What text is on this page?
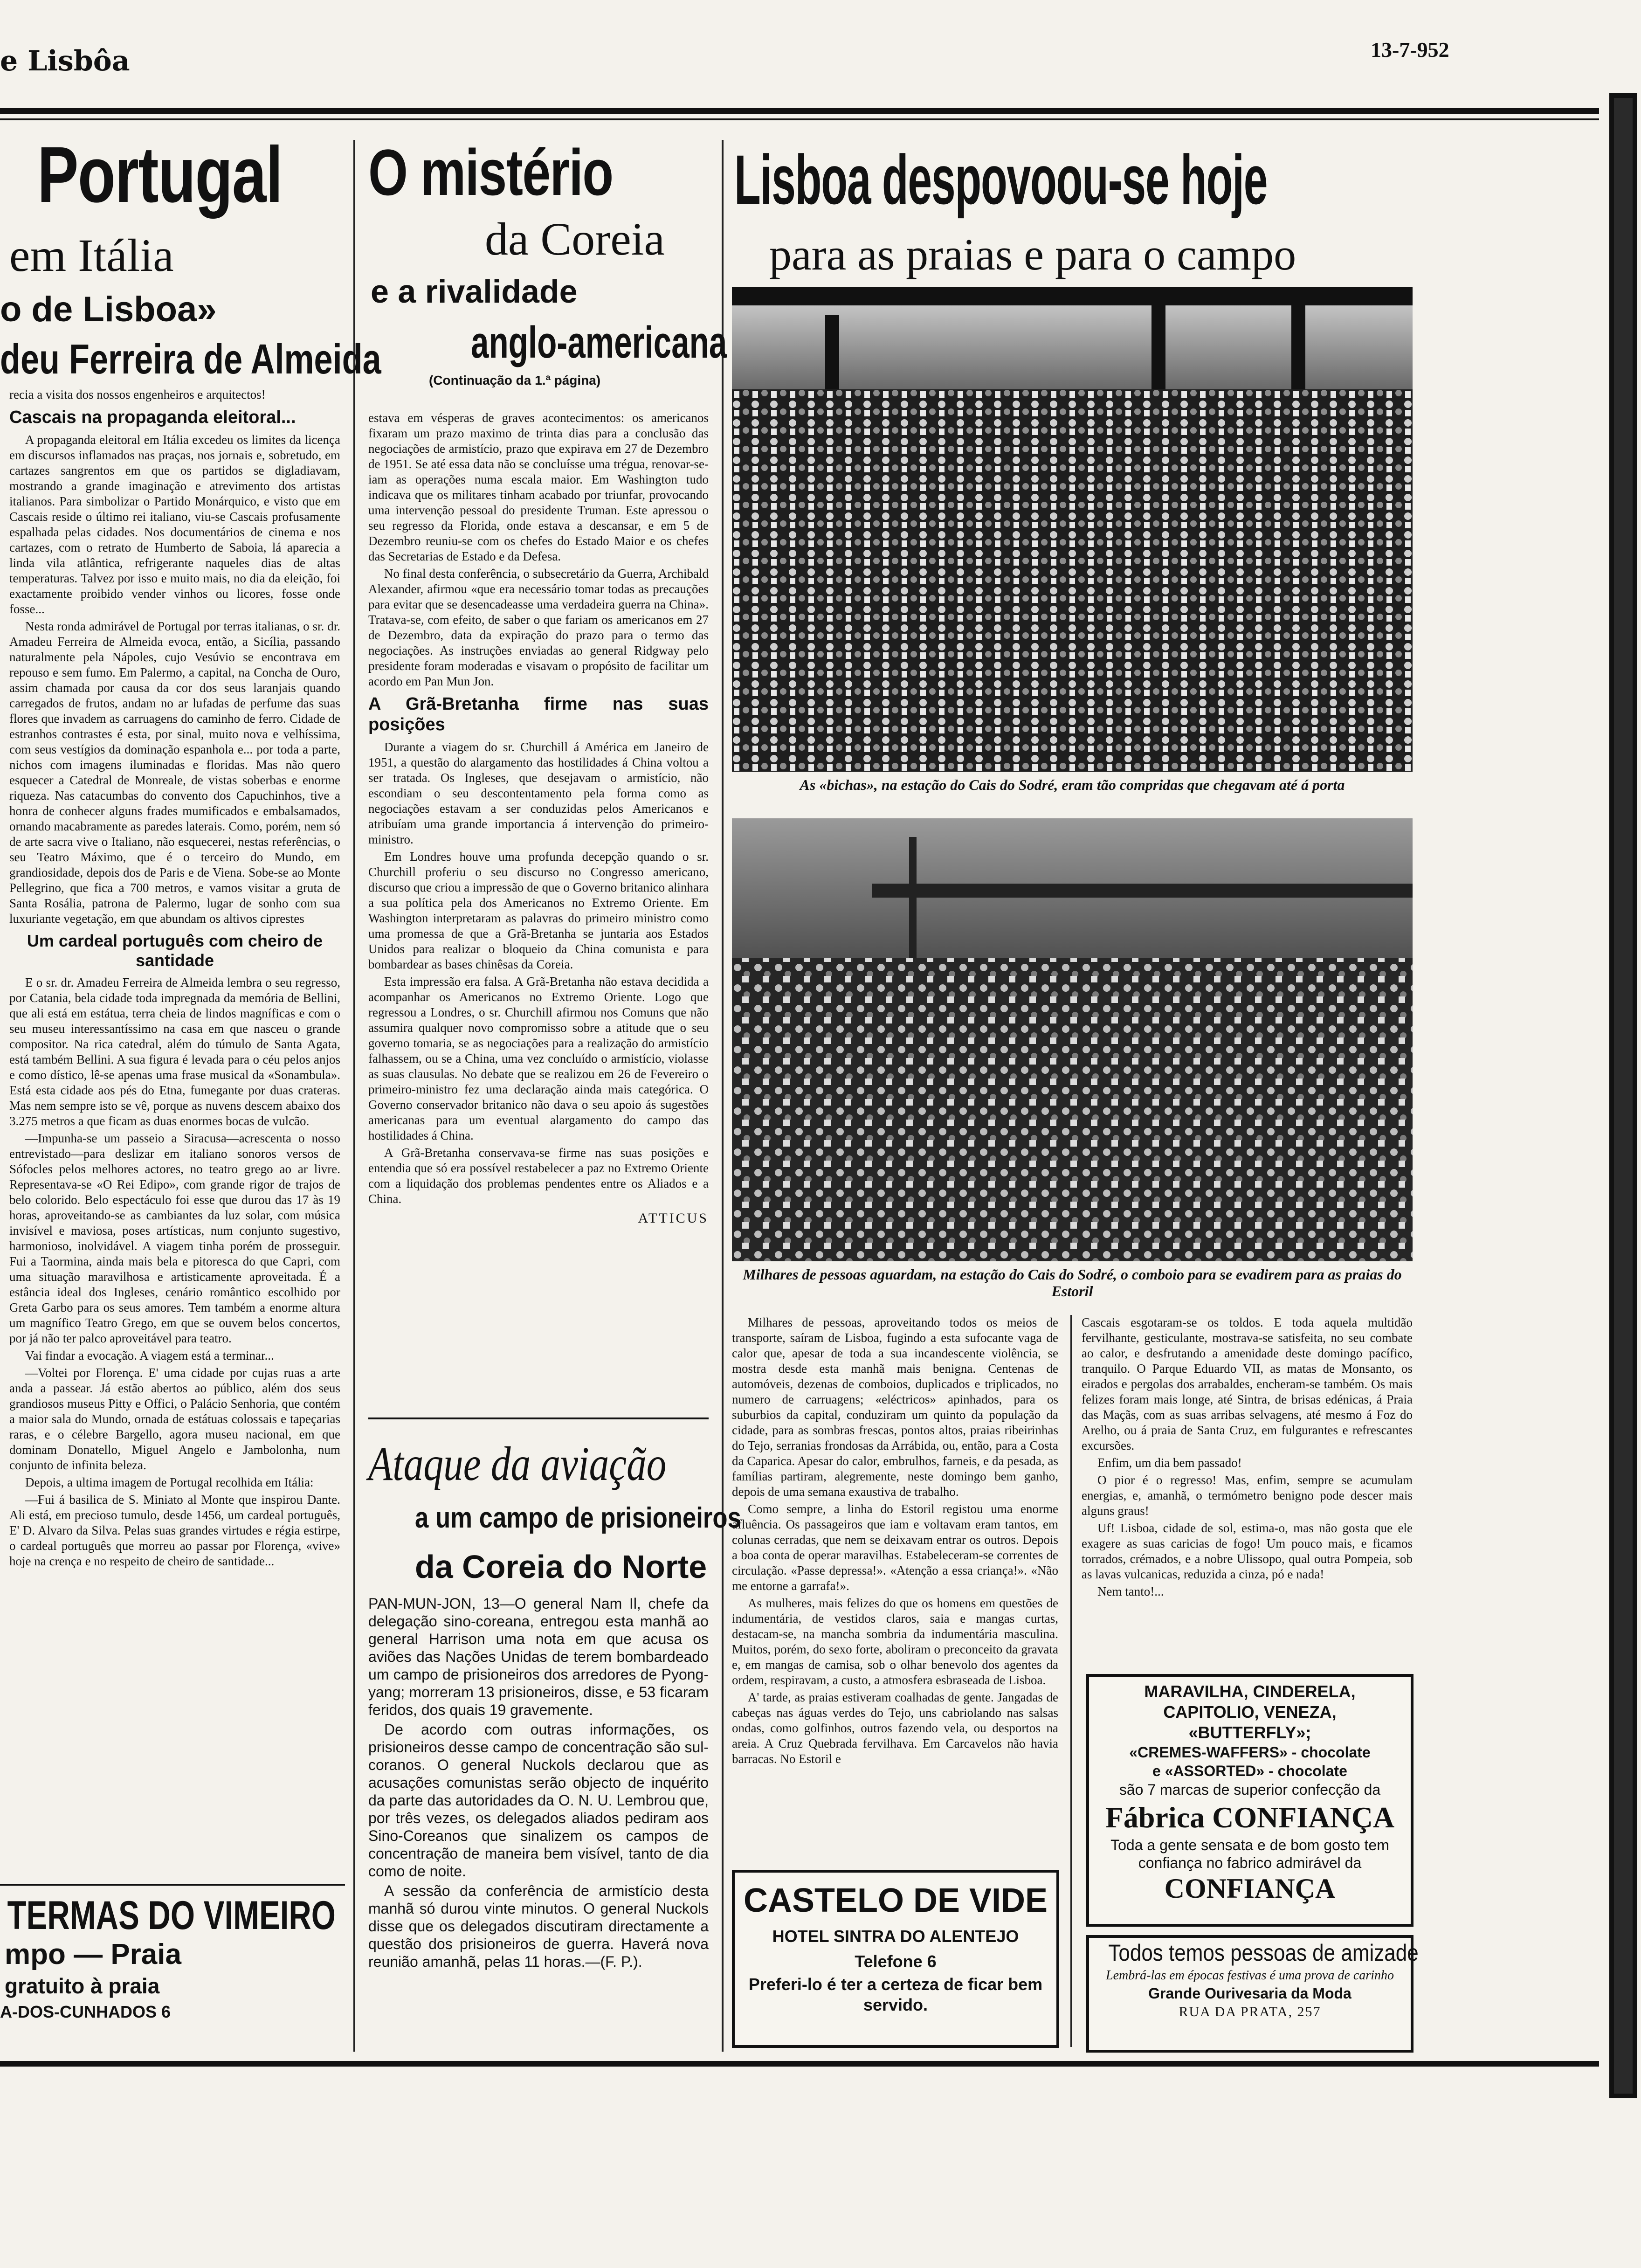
e Lisbôa	13-7-952
Portugal
em Itália
o de Lisboa»
deu Ferreira de Almeida

recia a visita dos nossos engenheiros e arquitectos!

Cascais na propaganda eleitoral...

A propaganda eleitoral em Itália excedeu os limites da licença em discursos inflamados nas praças, nos jornais e, sobretudo, em cartazes sangrentos em que os partidos se digladiavam, mostrando a grande imaginação e atrevimento dos artistas italianos. Para simbolizar o Partido Monárquico, e visto que em Cascais reside o último rei italiano, viu-se Cascais profusamente espalhada pelas cidades. Nos documentários de cinema e nos cartazes, com o retrato de Humberto de Saboia, lá aparecia a linda vila atlântica, refrigerante naqueles dias de altas temperaturas. Talvez por isso e muito mais, no dia da eleição, foi exactamente proibido vender vinhos ou licores, fosse onde fosse...

Nesta ronda admirável de Portugal por terras italianas, o sr. dr. Amadeu Ferreira de Almeida evoca, então, a Sicília, passando naturalmente pela Nápoles, cujo Vesúvio se encontrava em repouso e sem fumo. Em Palermo, a capital, na Concha de Ouro, assim chamada por causa da cor dos seus laranjais quando carregados de frutos, andam no ar lufadas de perfume das suas flores que invadem as carruagens do caminho de ferro. Cidade de estranhos contrastes é esta, por sinal, muito nova e velhíssima, com seus vestígios da dominação espanhola e... por toda a parte, nichos com imagens iluminadas e floridas. Mas não quero esquecer a Catedral de Monreale, de vistas soberbas e enorme riqueza. Nas catacumbas do convento dos Capuchinhos, tive a honra de conhecer alguns frades mumificados e embalsamados, ornando macabramente as paredes laterais. Como, porém, nem só de arte sacra vive o Italiano, não esquecerei, nestas referências, o seu Teatro Máximo, que é o terceiro do Mundo, em grandiosidade, depois dos de Paris e de Viena. Sobe-se ao Monte Pellegrino, que fica a 700 metros, e vamos visitar a gruta de Santa Rosália, patrona de Palermo, lugar de sonho com sua luxuriante vegetação, em que abundam os altivos ciprestes

Um cardeal português com cheiro de santidade

E o sr. dr. Amadeu Ferreira de Almeida lembra o seu regresso, por Catania, bela cidade toda impregnada da memória de Bellini, que ali está em estátua, terra cheia de lindos magníficas e com o seu museu interessantíssimo na casa em que nasceu o grande compositor. Na rica catedral, além do túmulo de Santa Agata, está também Bellini. A sua figura é levada para o céu pelos anjos e como dístico, lê-se apenas uma frase musical da «Sonambula». Está esta cidade aos pés do Etna, fumegante por duas crateras. Mas nem sempre isto se vê, porque as nuvens descem abaixo dos 3.275 metros a que ficam as duas enormes bocas de vulcão.

—Impunha-se um passeio a Siracusa—acrescenta o nosso entrevistado—para deslizar em italiano sonoros versos de Sófocles pelos melhores actores, no teatro grego ao ar livre. Representava-se «O Rei Edipo», com grande rigor de trajos de belo colorido. Belo espectáculo foi esse que durou das 17 às 19 horas, aproveitando-se as cambiantes da luz solar, com música invisível e maviosa, poses artísticas, num conjunto sugestivo, harmonioso, inolvidável. A viagem tinha porém de prosseguir. Fui a Taormina, ainda mais bela e pitoresca do que Capri, com uma situação maravilhosa e artisticamente aproveitada. É a estância ideal dos Ingleses, cenário romântico escolhido por Greta Garbo para os seus amores. Tem também a enorme altura um magnífico Teatro Grego, em que se ouvem belos concertos, por já não ter palco aproveitável para teatro.

Vai findar a evocação. A viagem está a terminar...

—Voltei por Florença. E' uma cidade por cujas ruas a arte anda a passear. Já estão abertos ao público, além dos seus grandiosos museus Pitty e Offici, o Palácio Senhoria, que contém a maior sala do Mundo, ornada de estátuas colossais e tapeçarias raras, e o célebre Bargello, agora museu nacional, em que dominam Donatello, Miguel Angelo e Jambolonha, num conjunto de infinita beleza.

Depois, a ultima imagem de Portugal recolhida em Itália:

—Fui á basilica de S. Miniato al Monte que inspirou Dante. Ali está, em precioso tumulo, desde 1456, um cardeal português, E' D. Alvaro da Silva. Pelas suas grandes virtudes e régia estirpe, o cardeal português que morreu ao passar por Florença, «vive» hoje na crença e no respeito de cheiro de santidade...

TERMAS DO VIMEIRO
mpo — Praia
gratuito à praia
A-DOS-CUNHADOS 6
O mistério
da Coreia
e a rivalidade
anglo-americana
(Continuação da 1.ª página)

estava em vésperas de graves acontecimentos: os americanos fixaram um prazo maximo de trinta dias para a conclusão das negociações de armistício, prazo que expirava em 27 de Dezembro de 1951. Se até essa data não se concluísse uma trégua, renovar-se-iam as operações numa escala maior. Em Washington tudo indicava que os militares tinham acabado por triunfar, provocando uma intervenção pessoal do presidente Truman. Este apressou o seu regresso da Florida, onde estava a descansar, e em 5 de Dezembro reuniu-se com os chefes do Estado Maior e os chefes das Secretarias de Estado e da Defesa.

No final desta conferência, o subsecretário da Guerra, Archibald Alexander, afirmou «que era necessário tomar todas as precauções para evitar que se desencadeasse uma verdadeira guerra na China». Tratava-se, com efeito, de saber o que fariam os americanos em 27 de Dezembro, data da expiração do prazo para o termo das negociações. As instruções enviadas ao general Ridgway pelo presidente foram moderadas e visavam o propósito de facilitar um acordo em Pan Mun Jon.

A Grã-Bretanha firme nas suas posições

Durante a viagem do sr. Churchill á América em Janeiro de 1951, a questão do alargamento das hostilidades á China voltou a ser tratada. Os Ingleses, que desejavam o armistício, não escondiam o seu descontentamento pela forma como as negociações estavam a ser conduzidas pelos Americanos e atribuíam uma grande importancia á intervenção do primeiro-ministro.

Em Londres houve uma profunda decepção quando o sr. Churchill proferiu o seu discurso no Congresso americano, discurso que criou a impressão de que o Governo britanico alinhara a sua política pela dos Americanos no Extremo Oriente. Em Washington interpretaram as palavras do primeiro ministro como uma promessa de que a Grã-Bretanha se juntaria aos Estados Unidos para realizar o bloqueio da China comunista e para bombardear as bases chinêsas da Coreia.

Esta impressão era falsa. A Grã-Bretanha não estava decidida a acompanhar os Americanos no Extremo Oriente. Logo que regressou a Londres, o sr. Churchill afirmou nos Comuns que não assumira qualquer novo compromisso sobre a atitude que o seu governo tomaria, se as negociações para a realização do armistício falhassem, ou se a China, uma vez concluído o armistício, violasse as suas clausulas. No debate que se realizou em 26 de Fevereiro o primeiro-ministro fez uma declaração ainda mais categórica. O Governo conservador britanico não dava o seu apoio ás sugestões americanas para um eventual alargamento do campo das hostilidades á China.

A Grã-Bretanha conservava-se firme nas suas posições e entendia que só era possível restabelecer a paz no Extremo Oriente com a liquidação dos problemas pendentes entre os Aliados e a China.

ATTICUS
Ataque da aviação
a um campo de prisioneiros
da Coreia do Norte

PAN-MUN-JON, 13—O general Nam Il, chefe da delegação sino-coreana, entregou esta manhã ao general Harrison uma nota em que acusa os aviões das Nações Unidas de terem bombardeado um campo de prisioneiros dos arredores de Pyong-yang; morreram 13 prisioneiros, disse, e 53 ficaram feridos, dos quais 19 gravemente.

De acordo com outras informações, os prisioneiros desse campo de concentração são sul-coranos. O general Nuckols declarou que as acusações comunistas serão objecto de inquérito da parte das autoridades da O. N. U. Lembrou que, por três vezes, os delegados aliados pediram aos Sino-Coreanos que sinalizem os campos de concentração de maneira bem visível, tanto de dia como de noite.

A sessão da conferência de armistício desta manhã só durou vinte minutos. O general Nuckols disse que os delegados discutiram directamente a questão dos prisioneiros de guerra. Haverá nova reunião amanhã, pelas 11 horas.—(F. P.).

Lisboa despovoou-se hoje
para as praias e para o campo
As «bichas», na estação do Cais do Sodré, eram tão compridas que chegavam até á porta
Milhares de pessoas aguardam, na estação do Cais do Sodré, o comboio para se evadirem para as praias do Estoril

Milhares de pessoas, aproveitando todos os meios de transporte, saíram de Lisboa, fugindo a esta sufocante vaga de calor que, apesar de toda a sua incandescente violência, se mostra desde esta manhã mais benigna. Centenas de automóveis, dezenas de comboios, duplicados e triplicados, no numero de carruagens; «eléctricos» apinhados, para os suburbios da capital, conduziram um quinto da população da cidade, para as sombras frescas, pontos altos, praias ribeirinhas do Tejo, serranias frondosas da Arrábida, ou, então, para a Costa da Caparica. Apesar do calor, embrulhos, farneis, e da pesada, as famílias partiram, alegremente, neste domingo bem ganho, depois de uma semana exaustiva de trabalho.

Como sempre, a linha do Estoril registou uma enorme afluência. Os passageiros que iam e voltavam eram tantos, em colunas cerradas, que nem se deixavam entrar os outros. Depois a boa conta de operar maravilhas. Estabeleceram-se correntes de circulação. «Passe depressa!». «Atenção a essa criança!». «Não me entorne a garrafa!».

As mulheres, mais felizes do que os homens em questões de indumentária, de vestidos claros, saia e mangas curtas, destacam-se, na mancha sombria da indumentária masculina. Muitos, porém, do sexo forte, aboliram o preconceito da gravata e, em mangas de camisa, sob o olhar benevolo dos agentes da ordem, respiravam, a custo, a atmosfera esbraseada de Lisboa.

A' tarde, as praias estiveram coalhadas de gente. Jangadas de cabeças nas águas verdes do Tejo, uns cabriolando nas salsas ondas, como golfinhos, outros fazendo vela, ou desportos na areia. A Cruz Quebrada fervilhava. Em Carcavelos não havia barracas. No Estoril e

Cascais esgotaram-se os toldos. E toda aquela multidão fervilhante, gesticulante, mostrava-se satisfeita, no seu combate ao calor, e desfrutando a amenidade deste domingo pacífico, tranquilo. O Parque Eduardo VII, as matas de Monsanto, os eirados e pergolas dos arrabaldes, encheram-se também. Os mais felizes foram mais longe, até Sintra, de brisas edénicas, á Praia das Maçãs, com as suas arribas selvagens, até mesmo á Foz do Arelho, ou á praia de Santa Cruz, em fulgurantes e refrescantes excursões.

Enfim, um dia bem passado!

O pior é o regresso! Mas, enfim, sempre se acumulam energias, e, amanhã, o termómetro benigno pode descer mais alguns graus!

Uf! Lisboa, cidade de sol, estima-o, mas não gosta que ele exagere as suas caricias de fogo! Um pouco mais, e ficamos torrados, crémados, e a nobre Ulissopo, qual outra Pompeia, sob as lavas vulcanicas, reduzida a cinza, pó e nada!

Nem tanto!...

CASTELO DE VIDE
HOTEL SINTRA DO ALENTEJO
Telefone 6
Preferi-lo é ter a certeza de ficar bem servido.
MARAVILHA, CINDERELA,
CAPITOLIO, VENEZA,
«BUTTERFLY»;
«CREMES-WAFFERS» - chocolate
e «ASSORTED» - chocolate
são 7 marcas de superior confecção da
Fábrica CONFIANÇA
Toda a gente sensata e de bom gosto tem confiança no fabrico admirável da
CONFIANÇA
Todos temos pessoas de amizade
Lembrá-las em épocas festivas é uma prova de carinho
Grande Ourivesaria da Moda
RUA DA PRATA, 257
